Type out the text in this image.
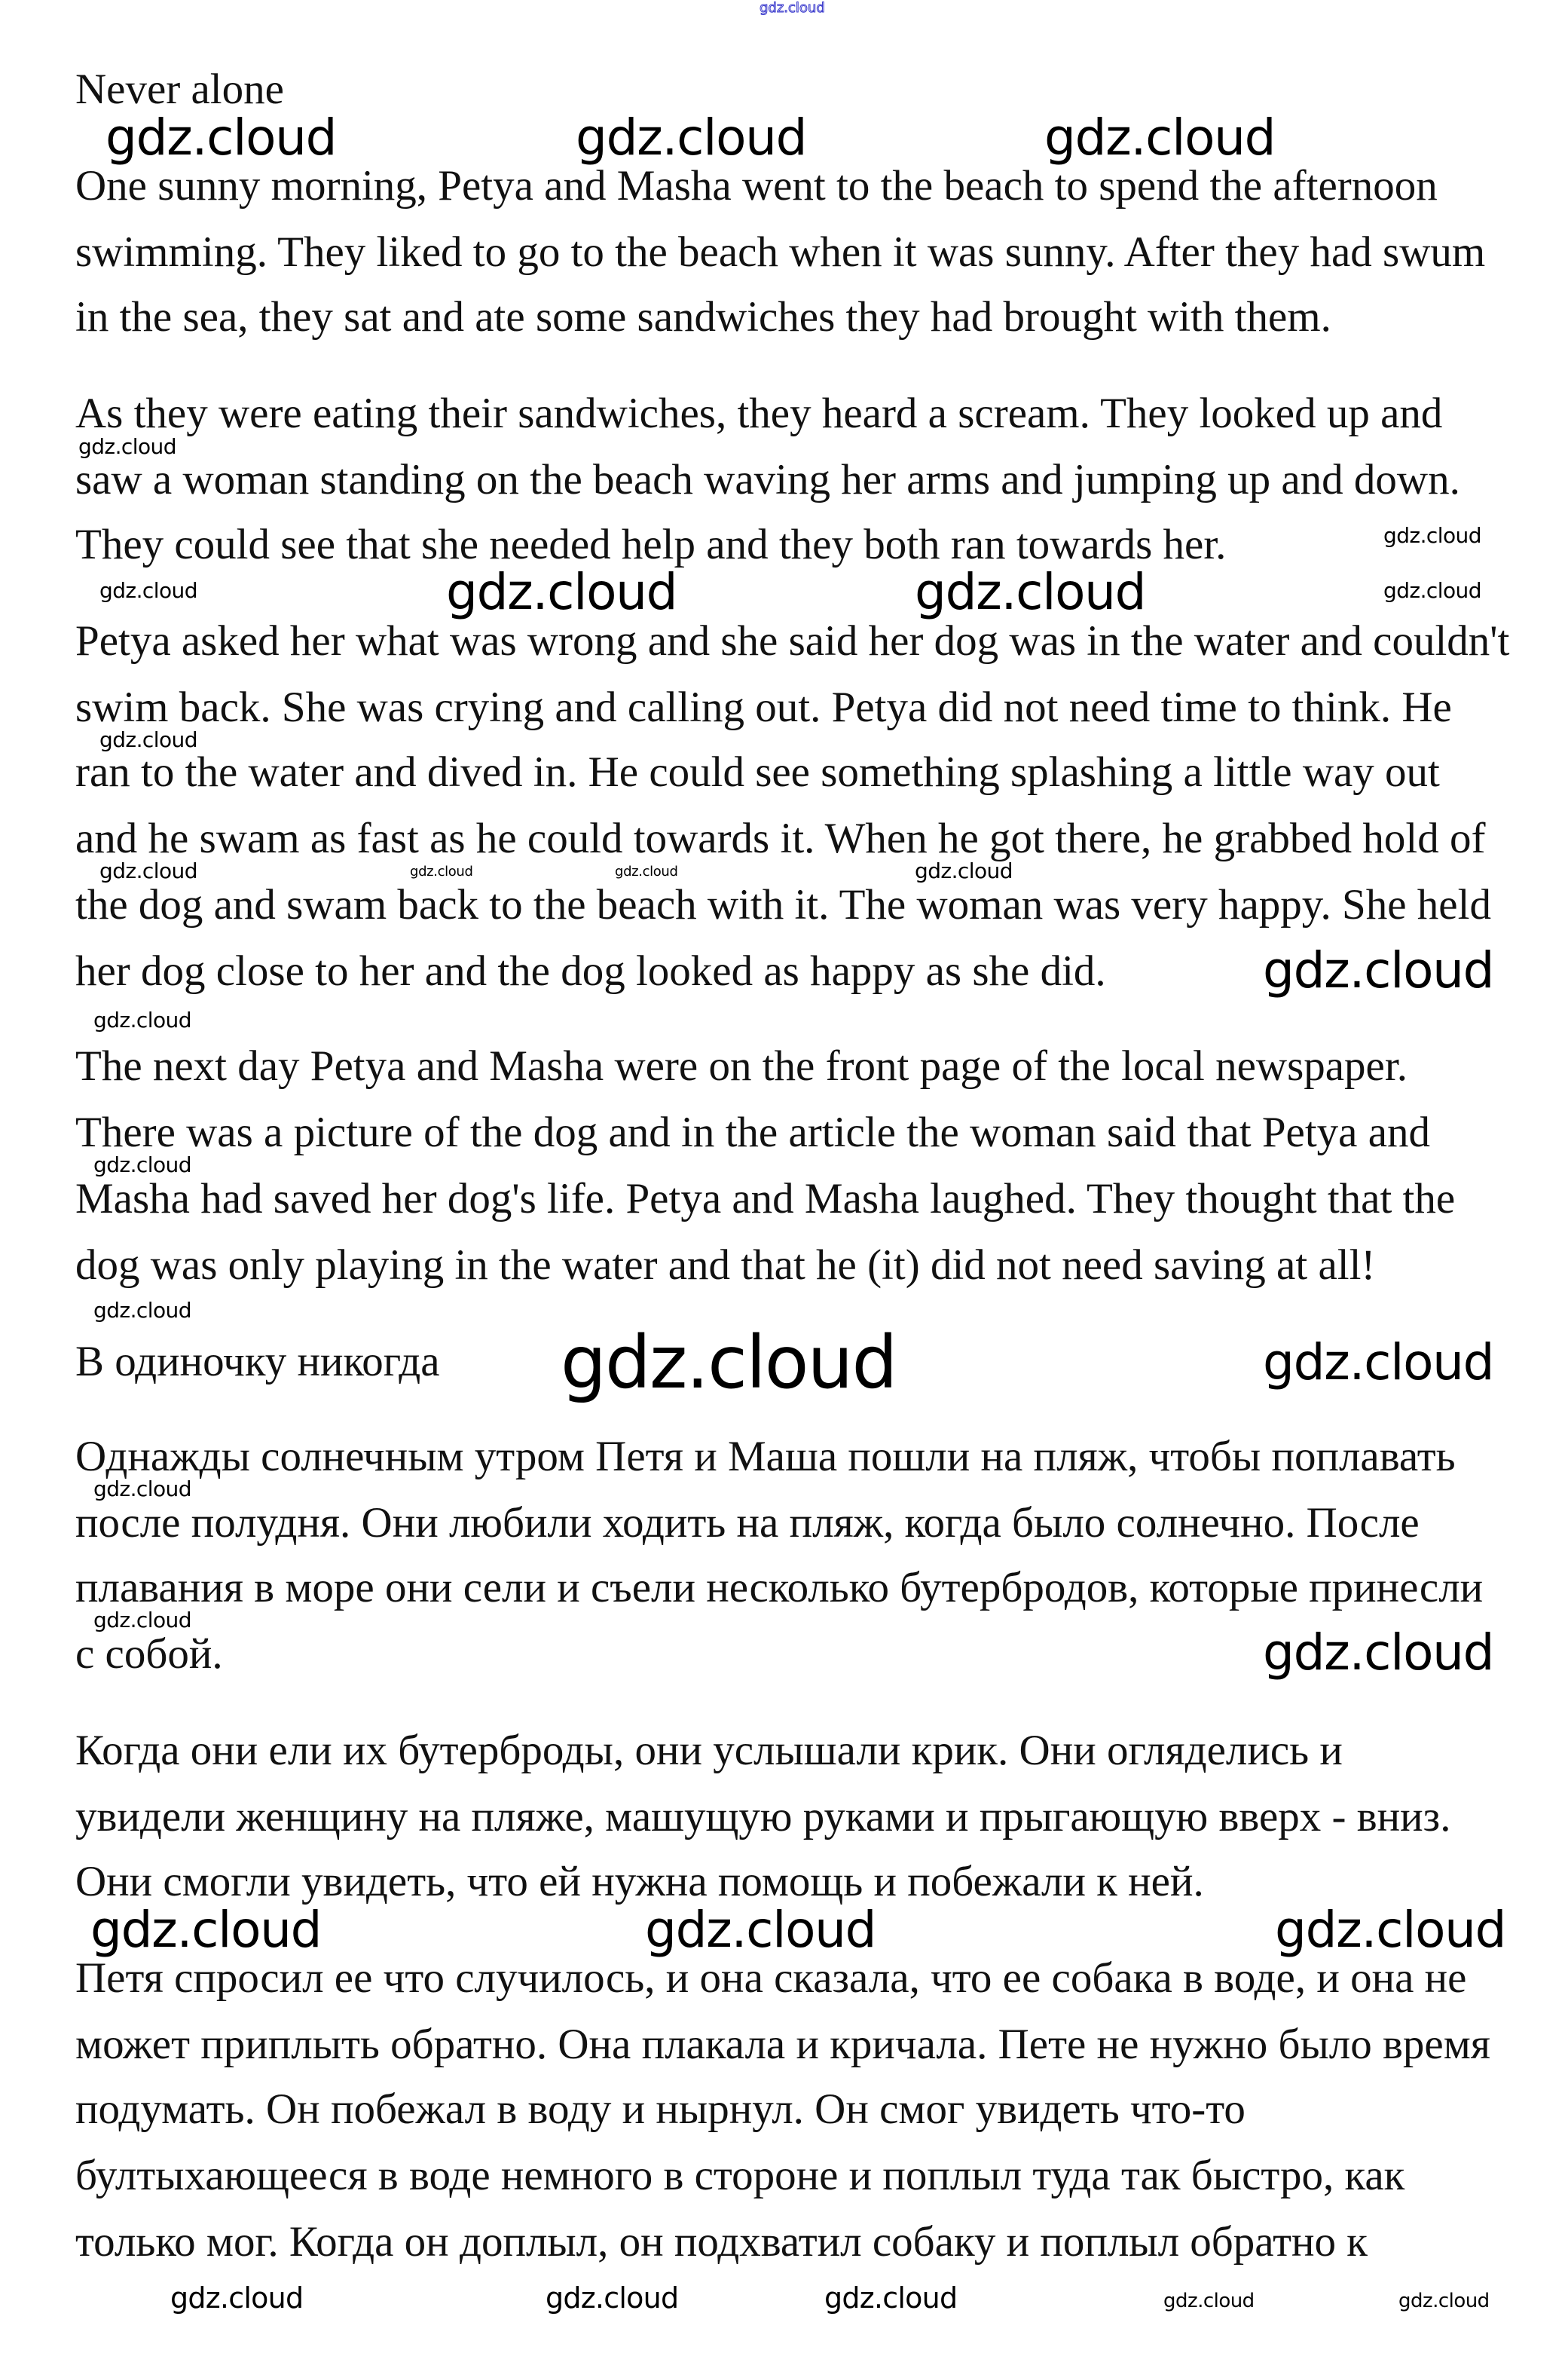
gdz.cloud
Never alone
One sunny morning, Petya and Masha went to the beach to spend the afternoon
swimming. They liked to go to the beach when it was sunny. After they had swum
in the sea, they sat and ate some sandwiches they had brought with them.
As they were eating their sandwiches, they heard a scream. They looked up and
saw a woman standing on the beach waving her arms and jumping up and down.
They could see that she needed help and they both ran towards her.
Petya asked her what was wrong and she said her dog was in the water and couldn't
swim back. She was crying and calling out. Petya did not need time to think. He
ran to the water and dived in. He could see something splashing a little way out
and he swam as fast as he could towards it. When he got there, he grabbed hold of
the dog and swam back to the beach with it. The woman was very happy. She held
her dog close to her and the dog looked as happy as she did.
The next day Petya and Masha were on the front page of the local newspaper.
There was a picture of the dog and in the article the woman said that Petya and
Masha had saved her dog's life. Petya and Masha laughed. They thought that the
dog was only playing in the water and that he (it) did not need saving at all!
В одиночку никогда
Однажды солнечным утром Петя и Маша пошли на пляж, чтобы поплавать
после полудня. Они любили ходить на пляж, когда было солнечно. После
плавания в море они сели и съели несколько бутербродов, которые принесли
с собой.
Когда они ели их бутерброды, они услышали крик. Они огляделись и
увидели женщину на пляже, машущую руками и прыгающую вверх - вниз.
Они смогли увидеть, что ей нужна помощь и побежали к ней.
Петя спросил ее что случилось, и она сказала, что ее собака в воде, и она не
может приплыть обратно. Она плакала и кричала. Пете не нужно было время
подумать. Он побежал в воду и нырнул. Он смог увидеть что-то
бултыхающееся в воде немного в стороне и поплыл туда так быстро, как
только мог. Когда он доплыл, он подхватил собаку и поплыл обратно к
gdz.cloud	gdz.cloud	gdz.cloud
gdz.cloud
gdz.cloud
gdz.cloud	gdz.cloud	gdz.cloud	gdz.cloud
gdz.cloud
gdz.cloud	gdz.cloud	gdz.cloud	gdz.cloud
gdz.cloud
gdz.cloud
gdz.cloud
gdz.cloud
gdz.cloud	gdz.cloud
gdz.cloud
gdz.cloud
gdz.cloud
gdz.cloud	gdz.cloud	gdz.cloud
gdz.cloud	gdz.cloud	gdz.cloud	gdz.cloud	gdz.cloud
